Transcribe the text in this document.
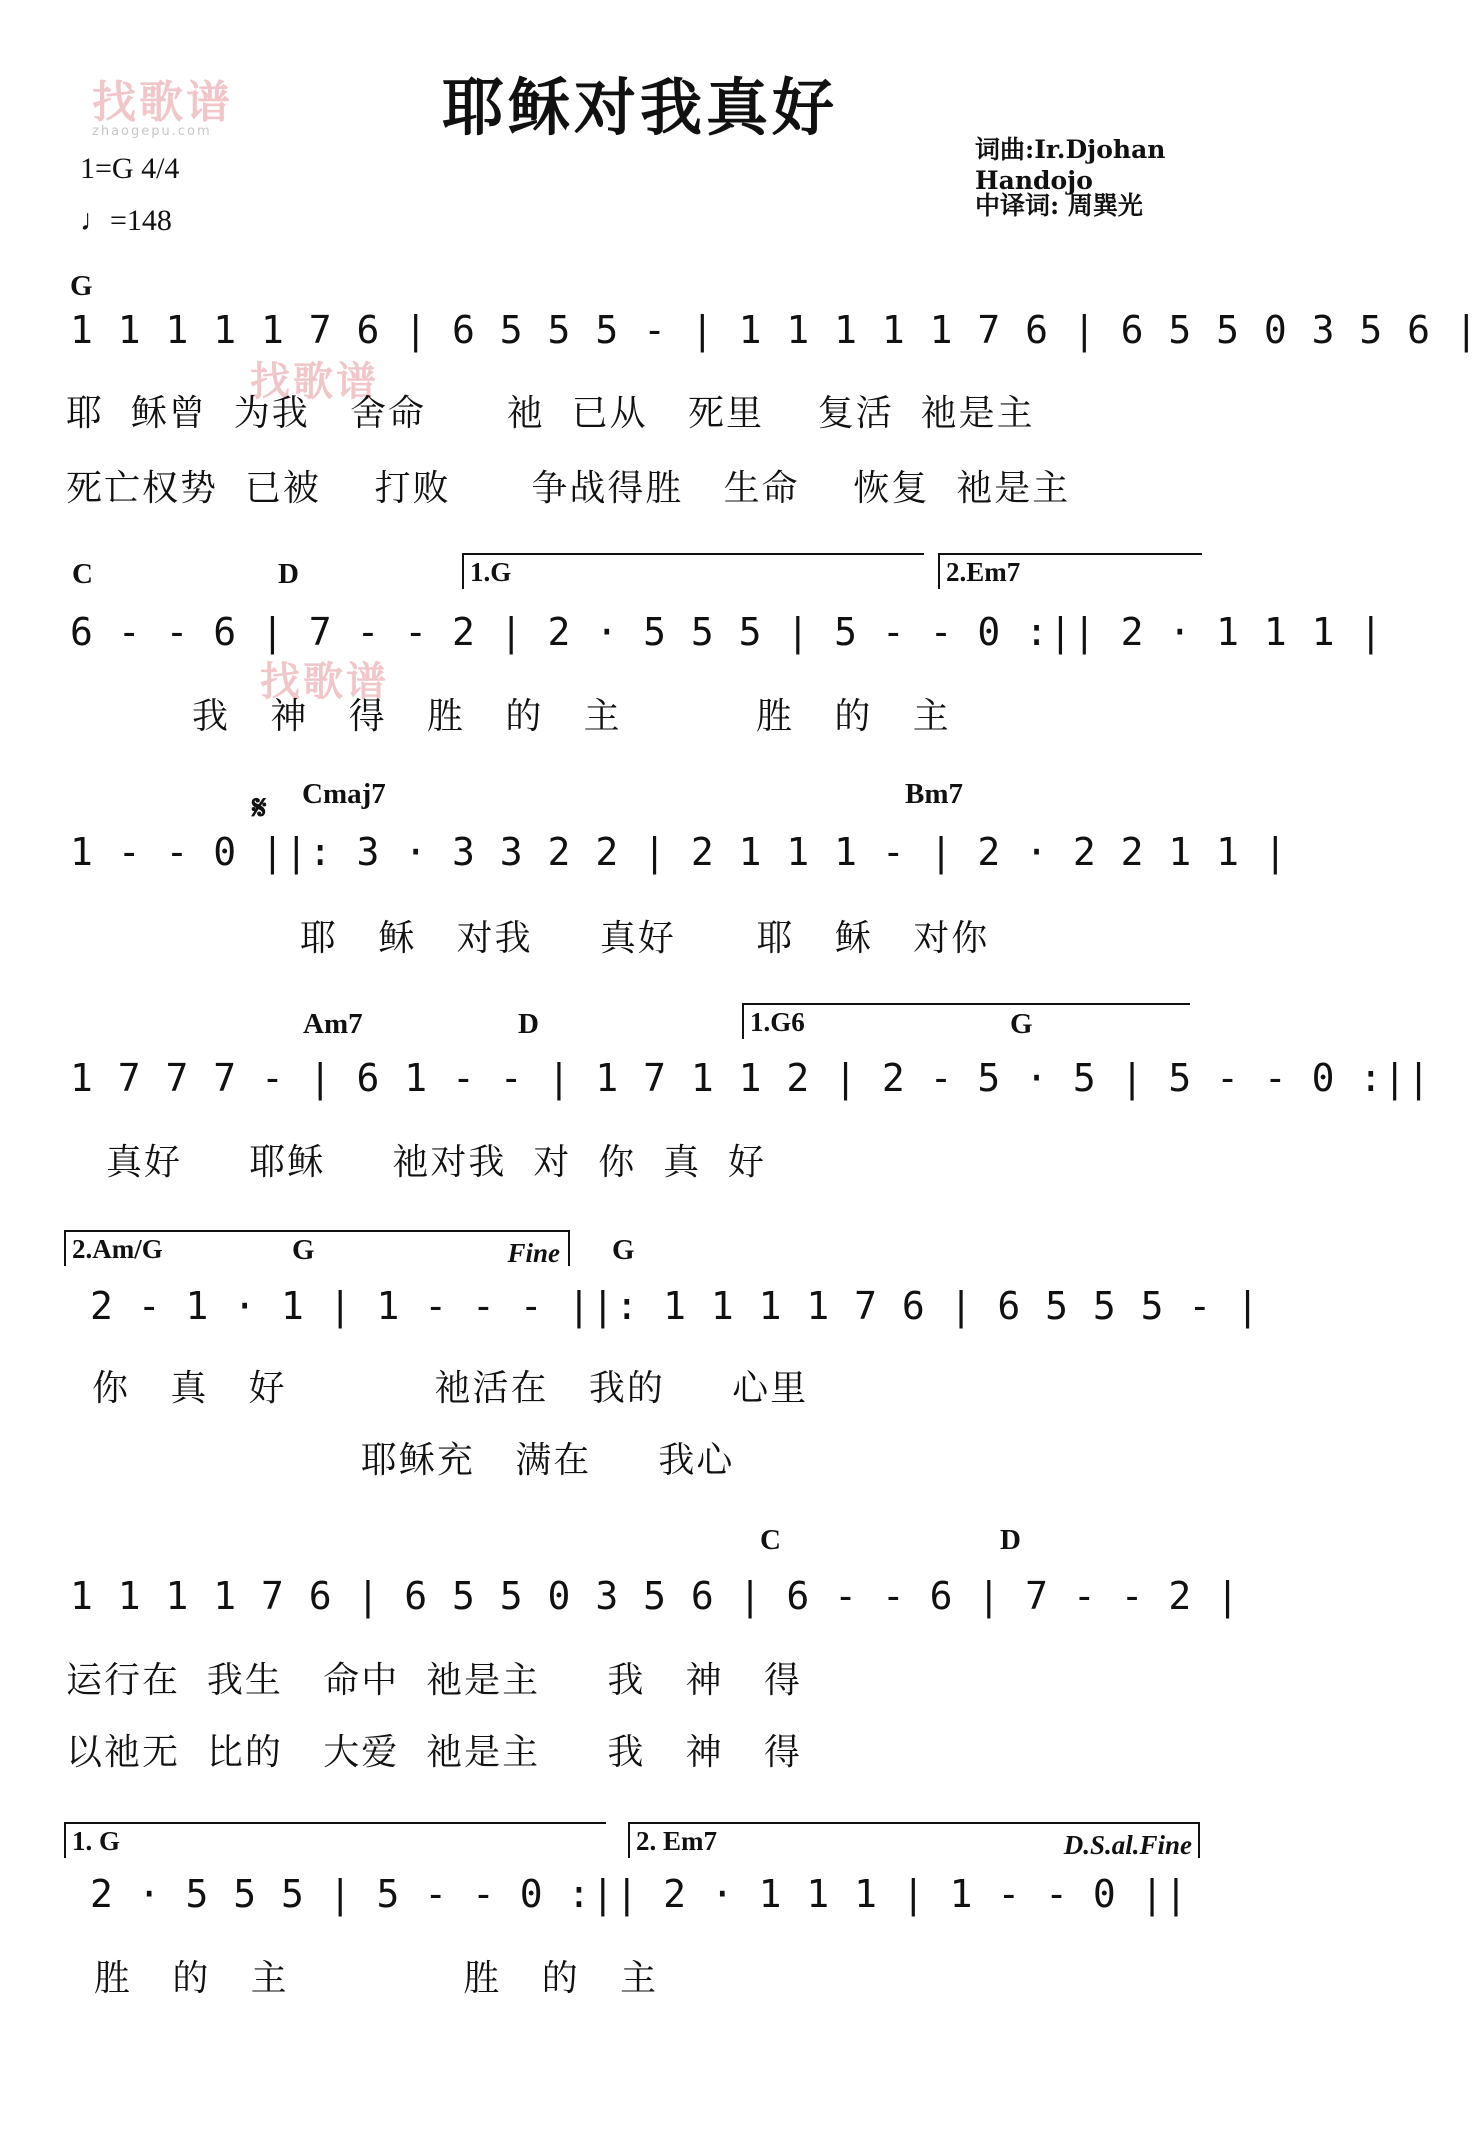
耶稣对我真好
找歌谱
zhaogepu.com
1=G 4/4
♩=148
词曲:Ir.Djohan Handojo
中译词: 周巽光
G
1 1 1 1 1 7 6 | 6 5 5 5 - | 1 1 1 1 1 7 6 | 6 5 5 0 3 5 6 |
找歌谱
耶  稣曾  为我   舍命      祂  已从   死里    复活  祂是主
死亡权势  已被    打败      争战得胜   生命    恢复  祂是主
C	D	1.G	2.Em7
6 - - 6 | 7 - - 2 | 2 · 5 5 5 | 5 - - 0 :|| 2 · 1 1 1 |
找歌谱
我   神   得   胜   的   主          胜   的   主
𝄋 Cmaj7	Bm7
1 - - 0 ||: 3 · 3 3 2 2 | 2 1 1 1 - | 2 · 2 2 1 1 |
耶   稣   对我     真好      耶   稣   对你
Am7	D	1.G6	G
1 7 7 7 - | 6 1 - - | 1 7 1 1 2 | 2 - 5 · 5 | 5 - - 0 :||
真好     耶稣     祂对我  对  你  真  好
2.Am/G	Fine
G	G
2 - 1 · 1 | 1 - - - ||: 1 1 1 1 7 6 | 6 5 5 5 - |
你   真   好           祂活在   我的     心里
耶稣充   满在     我心
C	D
1 1 1 1 7 6 | 6 5 5 0 3 5 6 | 6 - - 6 | 7 - - 2 |
运行在  我生   命中  祂是主     我   神   得
以祂无  比的   大爱  祂是主     我   神   得
1. G	2. Em7	D.S.al.Fine
2 · 5 5 5 | 5 - - 0 :|| 2 · 1 1 1 | 1 - - 0 ||
胜   的   主             胜   的   主
